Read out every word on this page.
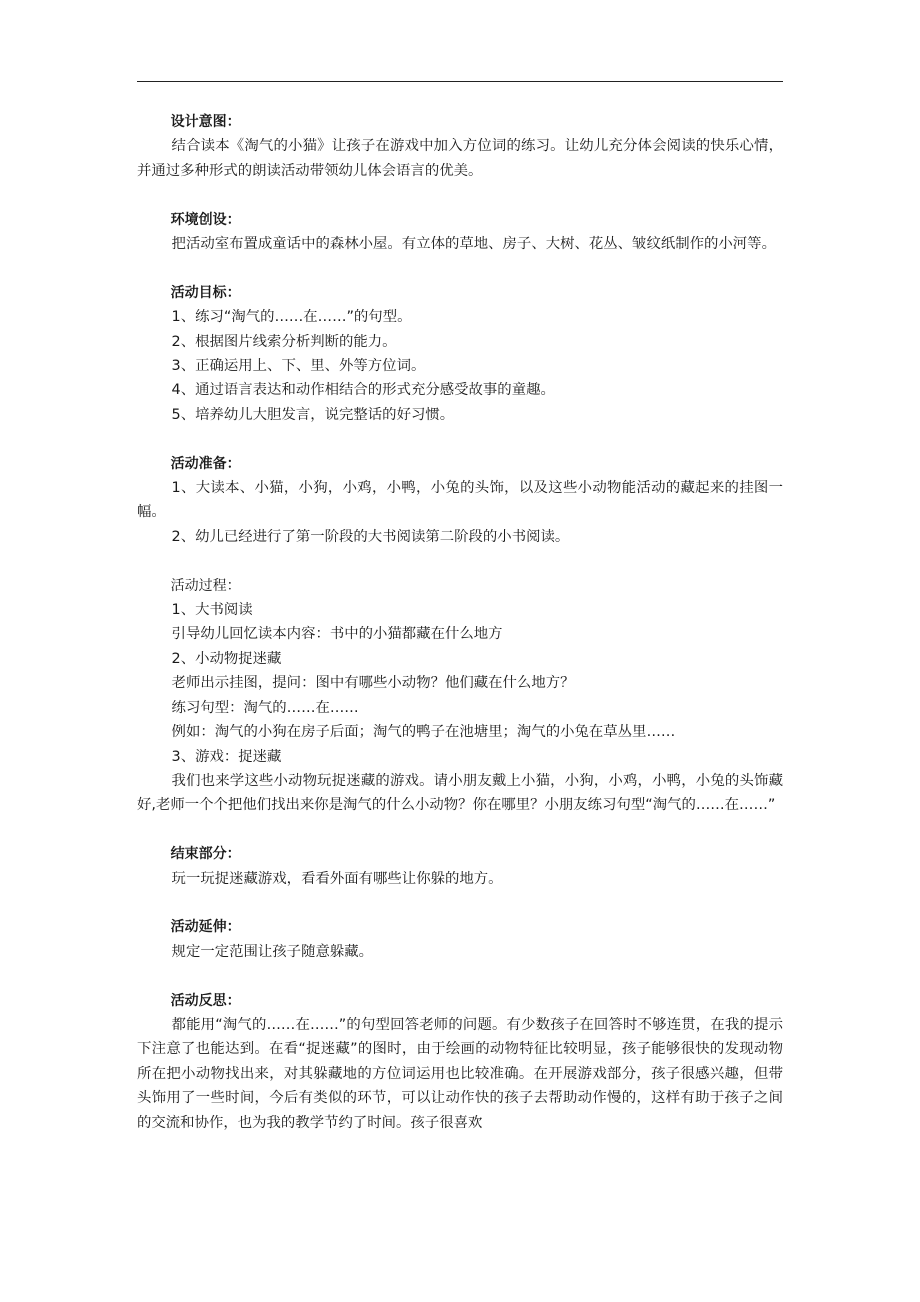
设计意图：
结合读本《淘气的小猫》让孩子在游戏中加入方位词的练习。让幼儿充分体会阅读的快乐心情，并通过多种形式的朗读活动带领幼儿体会语言的优美。
环境创设：
把活动室布置成童话中的森林小屋。有立体的草地、房子、大树、花丛、皱纹纸制作的小河等。
活动目标：
1、练习“淘气的……在……”的句型。
2、根据图片线索分析判断的能力。
3、正确运用上、下、里、外等方位词。
4、通过语言表达和动作相结合的形式充分感受故事的童趣。
5、培养幼儿大胆发言，说完整话的好习惯。
活动准备：
1、大读本、小猫，小狗，小鸡，小鸭，小兔的头饰，以及这些小动物能活动的藏起来的挂图一幅。
2、幼儿已经进行了第一阶段的大书阅读第二阶段的小书阅读。
活动过程：
1、大书阅读
引导幼儿回忆读本内容：书中的小猫都藏在什么地方
2、小动物捉迷藏
老师出示挂图，提问：图中有哪些小动物？他们藏在什么地方？
练习句型：淘气的……在……
例如：淘气的小狗在房子后面；淘气的鸭子在池塘里；淘气的小兔在草丛里……
3、游戏：捉迷藏
我们也来学这些小动物玩捉迷藏的游戏。请小朋友戴上小猫，小狗，小鸡，小鸭，小兔的头饰藏好,老师一个个把他们找出来你是淘气的什么小动物？你在哪里？小朋友练习句型“淘气的……在……”
结束部分：
玩一玩捉迷藏游戏，看看外面有哪些让你躲的地方。
活动延伸：
规定一定范围让孩子随意躲藏。
活动反思：
都能用“淘气的……在……”的句型回答老师的问题。有少数孩子在回答时不够连贯，在我的提示下注意了也能达到。在看“捉迷藏”的图时，由于绘画的动物特征比较明显，孩子能够很快的发现动物所在把小动物找出来，对其躲藏地的方位词运用也比较准确。在开展游戏部分，孩子很感兴趣，但带头饰用了一些时间，今后有类似的环节，可以让动作快的孩子去帮助动作慢的，这样有助于孩子之间的交流和协作，也为我的教学节约了时间。孩子很喜欢
